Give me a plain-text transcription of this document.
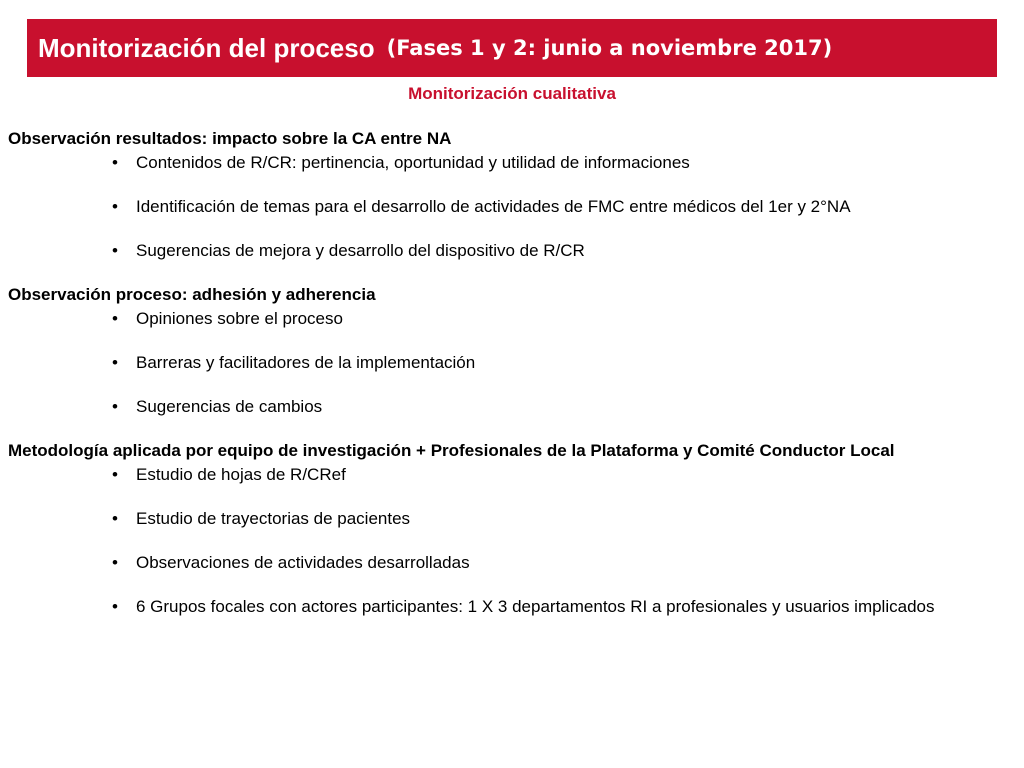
Monitorización del proceso (Fases 1 y 2: junio a noviembre 2017)
Monitorización cualitativa

Observación resultados: impacto sobre la CA entre NA

• Contenidos de R/CR: pertinencia, oportunidad y utilidad de informaciones
• Identificación de temas para el desarrollo de actividades de FMC entre médicos del 1er y 2°NA
• Sugerencias de mejora y desarrollo del dispositivo de R/CR

Observación proceso: adhesión y adherencia

• Opiniones sobre el proceso
• Barreras y facilitadores de la implementación
• Sugerencias de cambios

Metodología aplicada por equipo de investigación + Profesionales de la Plataforma y Comité Conductor Local

• Estudio de hojas de R/CRef
• Estudio de trayectorias de pacientes
• Observaciones de actividades desarrolladas
• 6 Grupos focales con actores participantes: 1 X 3 departamentos RI a profesionales y usuarios implicados
